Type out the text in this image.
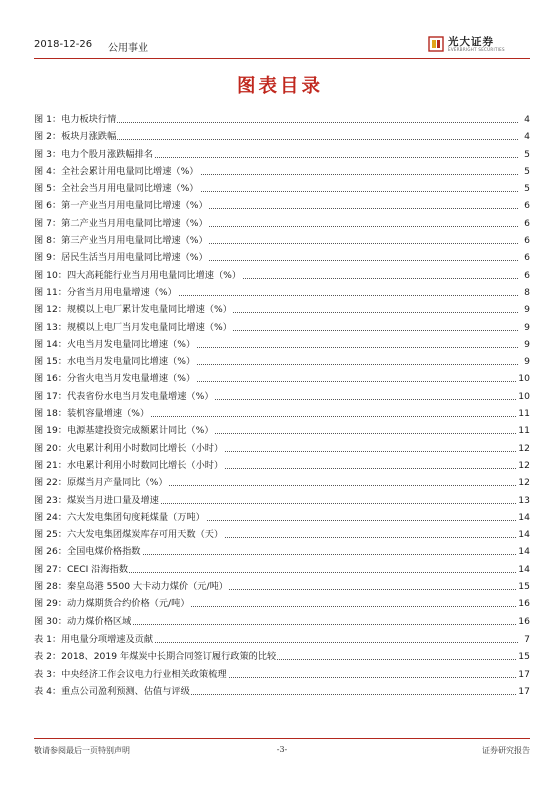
2018-12-26 公用事业
光大证券
EVERBRIGHT SECURITIES
图表目录
图 1：电力板块行情	4
图 2：板块月涨跌幅	4
图 3：电力个股月涨跌幅排名	5
图 4：全社会累计用电量同比增速（%）	5
图 5：全社会当月用电量同比增速（%）	5
图 6：第一产业当月用电量同比增速（%）	6
图 7：第二产业当月用电量同比增速（%）	6
图 8：第三产业当月用电量同比增速（%）	6
图 9：居民生活当月用电量同比增速（%）	6
图 10：四大高耗能行业当月用电量同比增速（%）	6
图 11：分省当月用电量增速（%）	8
图 12：规模以上电厂累计发电量同比增速（%）	9
图 13：规模以上电厂当月发电量同比增速（%）	9
图 14：火电当月发电量同比增速（%）	9
图 15：水电当月发电量同比增速（%）	9
图 16：分省火电当月发电量增速（%）	10
图 17：代表省份水电当月发电量增速（%）	10
图 18：装机容量增速（%）	11
图 19：电源基建投资完成额累计同比（%）	11
图 20：火电累计利用小时数同比增长（小时）	12
图 21：水电累计利用小时数同比增长（小时）	12
图 22：原煤当月产量同比（%）	12
图 23：煤炭当月进口量及增速	13
图 24：六大发电集团旬度耗煤量（万吨）	14
图 25：六大发电集团煤炭库存可用天数（天）	14
图 26：全国电煤价格指数	14
图 27：CECI 沿海指数	14
图 28：秦皇岛港 5500 大卡动力煤价（元/吨）	15
图 29：动力煤期货合约价格（元/吨）	16
图 30：动力煤价格区域	16
表 1：用电量分项增速及贡献	7
表 2：2018、2019 年煤炭中长期合同签订履行政策的比较	15
表 3：中央经济工作会议电力行业相关政策梳理	17
表 4：重点公司盈利预测、估值与评级	17
敬请参阅最后一页特别声明	-3-	证券研究报告
